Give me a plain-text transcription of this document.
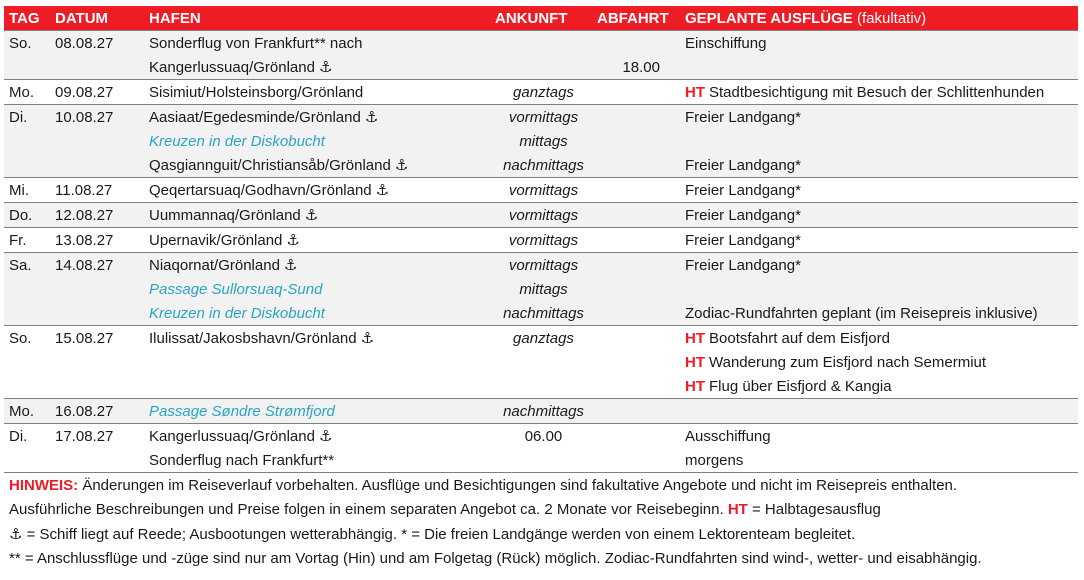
TAG	DATUM	HAFEN	ANKUNFT	ABFAHRT	GEPLANTE AUSFLÜGE (fakultativ)
So.	08.08.27	Sonderflug von Frankfurt** nach			Einschiffung
		Kangerlussuaq/Grönland ⚓		18.00	
Mo.	09.08.27	Sisimiut/Holsteinsborg/Grönland	ganztags		HT Stadtbesichtigung mit Besuch der Schlittenhunden
Di.	10.08.27	Aasiaat/Egedesminde/Grönland ⚓	vormittags		Freier Landgang*
		Kreuzen in der Diskobucht	mittags		
		Qasgiannguit/Christiansåb/Grönland ⚓	nachmittags		Freier Landgang*
Mi.	11.08.27	Qeqertarsuaq/Godhavn/Grönland ⚓	vormittags		Freier Landgang*
Do.	12.08.27	Uummannaq/Grönland ⚓	vormittags		Freier Landgang*
Fr.	13.08.27	Upernavik/Grönland ⚓	vormittags		Freier Landgang*
Sa.	14.08.27	Niaqornat/Grönland ⚓	vormittags		Freier Landgang*
		Passage Sullorsuaq-Sund	mittags		
		Kreuzen in der Diskobucht	nachmittags		Zodiac-Rundfahrten geplant (im Reisepreis inklusive)
So.	15.08.27	Ilulissat/Jakosbshavn/Grönland ⚓	ganztags		HT Bootsfahrt auf dem Eisfjord
					HT Wanderung zum Eisfjord nach Semermiut
					HT Flug über Eisfjord & Kangia
Mo.	16.08.27	Passage Søndre Strømfjord	nachmittags		
Di.	17.08.27	Kangerlussuaq/Grönland ⚓	06.00		Ausschiffung
		Sonderflug nach Frankfurt**			morgens
HINWEIS: Änderungen im Reiseverlauf vorbehalten. Ausflüge und Besichtigungen sind fakultative Angebote und nicht im Reisepreis enthalten.
Ausführliche Beschreibungen und Preise folgen in einem separaten Angebot ca. 2 Monate vor Reisebeginn. HT = Halbtagesausflug
⚓ = Schiff liegt auf Reede; Ausbootungen wetterabhängig. * = Die freien Landgänge werden von einem Lektorenteam begleitet.
** = Anschlussflüge und -züge sind nur am Vortag (Hin) und am Folgetag (Rück) möglich. Zodiac-Rundfahrten sind wind-, wetter- und eisabhängig.
